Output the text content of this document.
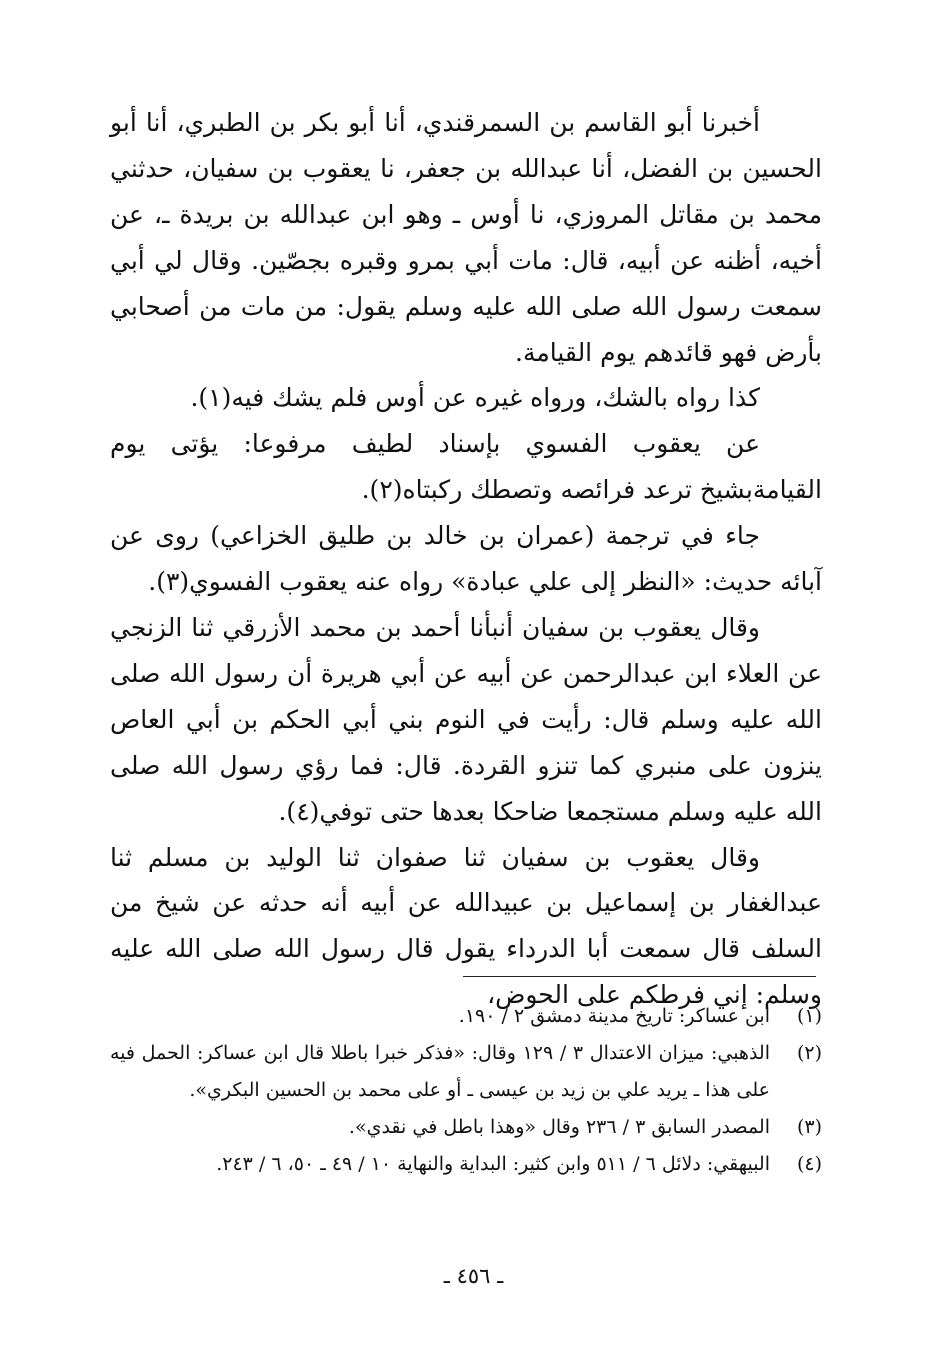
أخبرنا أبو القاسم بن السمرقندي، أنا أبو بكر بن الطبري، أنا أبو الحسين بن الفضل، أنا عبدالله بن جعفر، نا يعقوب بن سفيان، حدثني محمد بن مقاتل المروزي، نا أوس ـ وهو ابن عبدالله بن بريدة ـ، عن أخيه، أظنه عن أبيه، قال: مات أبي بمرو وقبره بجصّين. وقال لي أبي سمعت رسول الله صلى الله عليه وسلم يقول: من مات من أصحابي بأرض فهو قائدهم يوم القيامة.

كذا رواه بالشك، ورواه غيره عن أوس فلم يشك فيه(١).

عن يعقوب الفسوي بإسناد لطيف مرفوعا: يؤتى يوم القيامةبشيخ ترعد فرائصه وتصطك ركبتاه(٢).

جاء في ترجمة (عمران بن خالد بن طليق الخزاعي) روى عن آبائه حديث: «النظر إلى علي عبادة» رواه عنه يعقوب الفسوي(٣).

وقال يعقوب بن سفيان أنبأنا أحمد بن محمد الأزرقي ثنا الزنجي عن العلاء ابن عبدالرحمن عن أبيه عن أبي هريرة أن رسول الله صلى الله عليه وسلم قال: رأيت في النوم بني أبي الحكم بن أبي العاص ينزون على منبري كما تنزو القردة. قال: فما رؤي رسول الله صلى الله عليه وسلم مستجمعا ضاحكا بعدها حتى توفي(٤).

وقال يعقوب بن سفيان ثنا صفوان ثنا الوليد بن مسلم ثنا عبدالغفار بن إسماعيل بن عبيدالله عن أبيه أنه حدثه عن شيخ من السلف قال سمعت أبا الدرداء يقول قال رسول الله صلى الله عليه وسلم: إني فرطكم على الحوض،

(١)
ابن عساكر: تاريخ مدينة دمشق ٢ / ١٩٠.
(٢)
الذهبي: ميزان الاعتدال ٣ / ١٢٩ وقال: «فذكر خبرا باطلا قال ابن عساكر: الحمل فيه على هذا ـ يريد علي بن زيد بن عيسى ـ أو على محمد بن الحسين البكري».
(٣)
المصدر السابق ٣ / ٢٣٦ وقال «وهذا باطل في نقدي».
(٤)
البيهقي: دلائل ٦ / ٥١١ وابن كثير: البداية والنهاية ١٠ / ٤٩ ـ ٥٠، ٦ / ٢٤٣.
ـ ٤٥٦ ـ
